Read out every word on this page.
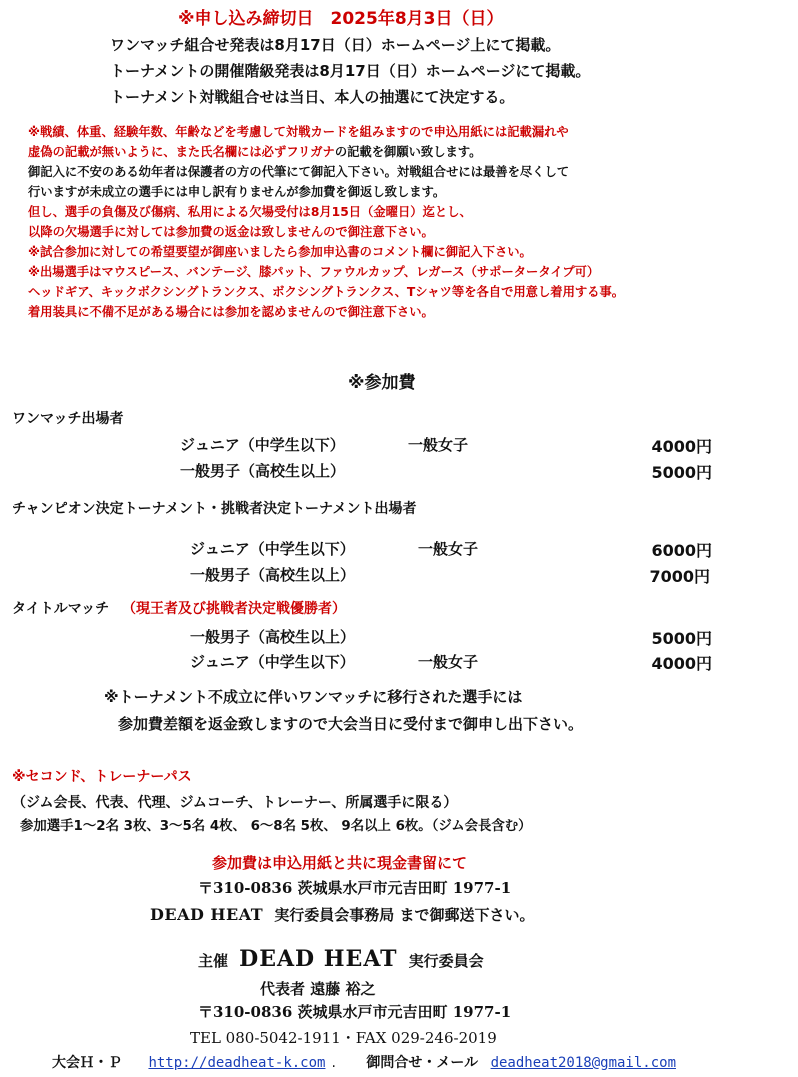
※申し込み締切日　2025年8月3日（日）
ワンマッチ組合せ発表は8月17日（日）ホームページ上にて掲載。
トーナメントの開催階級発表は8月17日（日）ホームページにて掲載。
トーナメント対戦組合せは当日、本人の抽選にて決定する。
※戦績、体重、経験年数、年齢などを考慮して対戦カードを組みますので申込用紙には記載漏れや
虚偽の記載が無いように、また氏名欄には必ずフリガナの記載を御願い致します。
御記入に不安のある幼年者は保護者の方の代筆にて御記入下さい。対戦組合せには最善を尽くして
行いますが未成立の選手には申し訳有りませんが参加費を御返し致します。
但し、選手の負傷及び傷病、私用による欠場受付は8月15日（金曜日）迄とし、
以降の欠場選手に対しては参加費の返金は致しませんので御注意下さい。
※試合参加に対しての希望要望が御座いましたら参加申込書のコメント欄に御記入下さい。
※出場選手はマウスピース、バンテージ、膝パット、ファウルカップ、レガース（サポータータイプ可）
ヘッドギア、キックボクシングトランクス、ボクシングトランクス、Tシャツ等を各自で用意し着用する事。
着用装具に不備不足がある場合には参加を認めませんので御注意下さい。
※参加費
ワンマッチ出場者
ジュニア（中学生以下）	一般女子	4000円
一般男子（高校生以上）	5000円
チャンピオン決定トーナメント・挑戦者決定トーナメント出場者
ジュニア（中学生以下）	一般女子	6000円
一般男子（高校生以上）	7000円
タイトルマッチ （現王者及び挑戦者決定戦優勝者）
一般男子（高校生以上）	5000円
ジュニア（中学生以下）	一般女子	4000円
※トーナメント不成立に伴いワンマッチに移行された選手には
参加費差額を返金致しますので大会当日に受付まで御申し出下さい。
※セコンド、トレーナーパス
（ジム会長、代表、代理、ジムコーチ、トレーナー、所属選手に限る）
参加選手1～2名 3枚、3～5名 4枚、 6～8名 5枚、 9名以上 6枚。（ジム会長含む）
参加費は申込用紙と共に現金書留にて
〒310-0836 茨城県水戸市元吉田町 1977-1
DEAD HEAT 実行委員会事務局 まで御郵送下さい。
主催 DEAD HEAT 実行委員会
代表者 遠藤 裕之
〒310-0836 茨城県水戸市元吉田町 1977-1
TEL 080-5042-1911・FAX 029-246-2019
大会Ｈ・Ｐ http://deadheat-k.com . 御問合せ・メール deadheat2018@gmail.com
